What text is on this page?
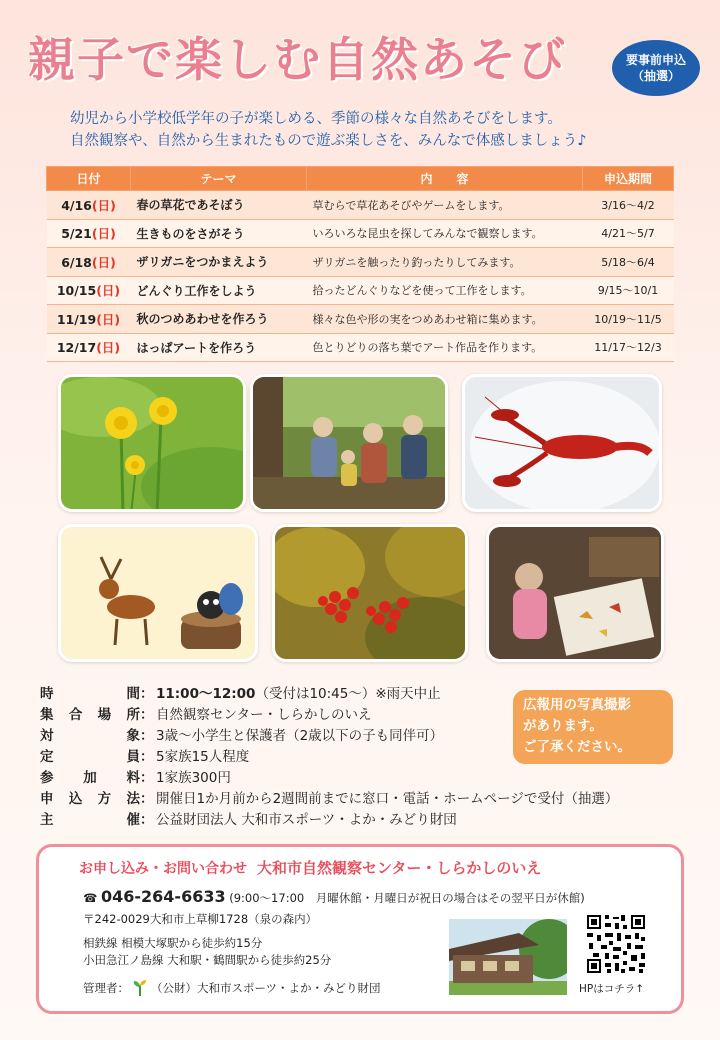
親子で楽しむ自然あそび	要事前申込
（抽選）
幼児から小学校低学年の子が楽しめる、季節の様々な自然あそびをします。
自然観察や、自然から生まれたもので遊ぶ楽しさを、みんなで体感しましょう♪
日付	テーマ	内　　容	申込期間
4/16(日)	春の草花であそぼう	草むらで草花あそびやゲームをします。	3/16～4/2
5/21(日)	生きものをさがそう	いろいろな昆虫を探してみんなで観察します。	4/21～5/7
6/18(日)	ザリガニをつかまえよう	ザリガニを触ったり釣ったりしてみます。	5/18～6/4
10/15(日)	どんぐり工作をしよう	拾ったどんぐりなどを使って工作をします。	9/15～10/1
11/19(日)	秋のつめあわせを作ろう	様々な色や形の実をつめあわせ箱に集めます。	10/19～11/5
12/17(日)	はっぱアートを作ろう	色とりどりの落ち葉でアート作品を作ります。	11/17～12/3
時	間 ： 11:00～12:00（受付は10:45～）※雨天中止
集 合 場 所 ： 自然観察センター・しらかしのいえ
対	象 ： 3歳～小学生と保護者（2歳以下の子も同伴可）
定	員 ： 5家族15人程度
参 加 料 ： 1家族300円
申 込 方 法 ： 開催日1か月前から2週間前までに窓口・電話・ホームページで受付（抽選）
主	催 ： 公益財団法人 大和市スポーツ・よか・みどり財団
広報用の写真撮影
があります。
ご了承ください。
お申し込み・お問い合わせ 大和市自然観察センター・しらかしのいえ
☎ 046-264-6633 (9:00～17:00　月曜休館・月曜日が祝日の場合はその翌平日が休館)
〒242-0029大和市上草柳1728（泉の森内）
相鉄線 相模大塚駅から徒歩約15分
小田急江ノ島線 大和駅・鶴間駅から徒歩約25分
管理者： （公財）大和市スポーツ・よか・みどり財団	HPはコチラ↑
